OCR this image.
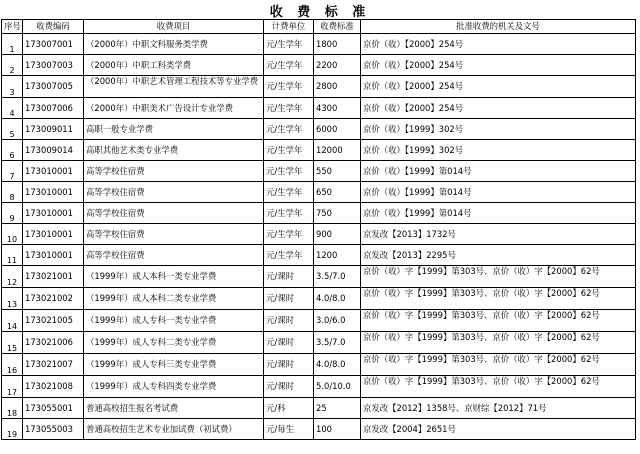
收 费 标 准
序号	收费编码	收费项目	计费单位	收费标准	批准收费的机关及文号
1	173007001	（2000年）中职文科服务类学费	元/生学年	1800	京价（收）【2000】254号
2	173007003	（2000年）中职工科类学费	元/生学年	2200	京价（收）【2000】254号
3	173007005	（2000年）中职艺术管理工程技术等专业学费	元/生学年	2800	京价（收）【2000】254号
4	173007006	（2000年）中职美术广告设计专业学费	元/生学年	4300	京价（收）【2000】254号
5	173009011	高职一般专业学费	元/生学年	6000	京价（收）【1999】302号
6	173009014	高职其他艺术类专业学费	元/生学年	12000	京价（收）【1999】302号
7	173010001	高等学校住宿费	元/生学年	550	京价（收）【1999】第014号
8	173010001	高等学校住宿费	元/生学年	650	京价（收）【1999】第014号
9	173010001	高等学校住宿费	元/生学年	750	京价（收）【1999】第014号
10	173010001	高等学校住宿费	元/生学年	900	京发改【2013】1732号
11	173010001	高等学校住宿费	元/生学年	1200	京发改【2013】2295号
12	173021001	（1999年）成人本科一类专业学费	元/课时	3.5/7.0	京价（收）字【1999】第303号、京价（收）字【2000】62号
13	173021002	（1999年）成人本科二类专业学费	元/课时	4.0/8.0	京价（收）字【1999】第303号、京价（收）字【2000】62号
14	173021005	（1999年）成人专科一类专业学费	元/课时	3.0/6.0	京价（收）字【1999】第303号、京价（收）字【2000】62号
15	173021006	（1999年）成人专科二类专业学费	元/课时	3.5/7.0	京价（收）字【1999】第303号、京价（收）字【2000】62号
16	173021007	（1999年）成人专科三类专业学费	元/课时	4.0/8.0	京价（收）字【1999】第303号、京价（收）字【2000】62号
17	173021008	（1999年）成人专科四类专业学费	元/课时	5.0/10.0	京价（收）字【1999】第303号、京价（收）字【2000】62号
18	173055001	普通高校招生报名考试费	元/科	25	京发改【2012】1358号、京财综【2012】71号
19	173055003	普通高校招生艺术专业加试费（初试费）	元/每生	100	京发改【2004】2651号
